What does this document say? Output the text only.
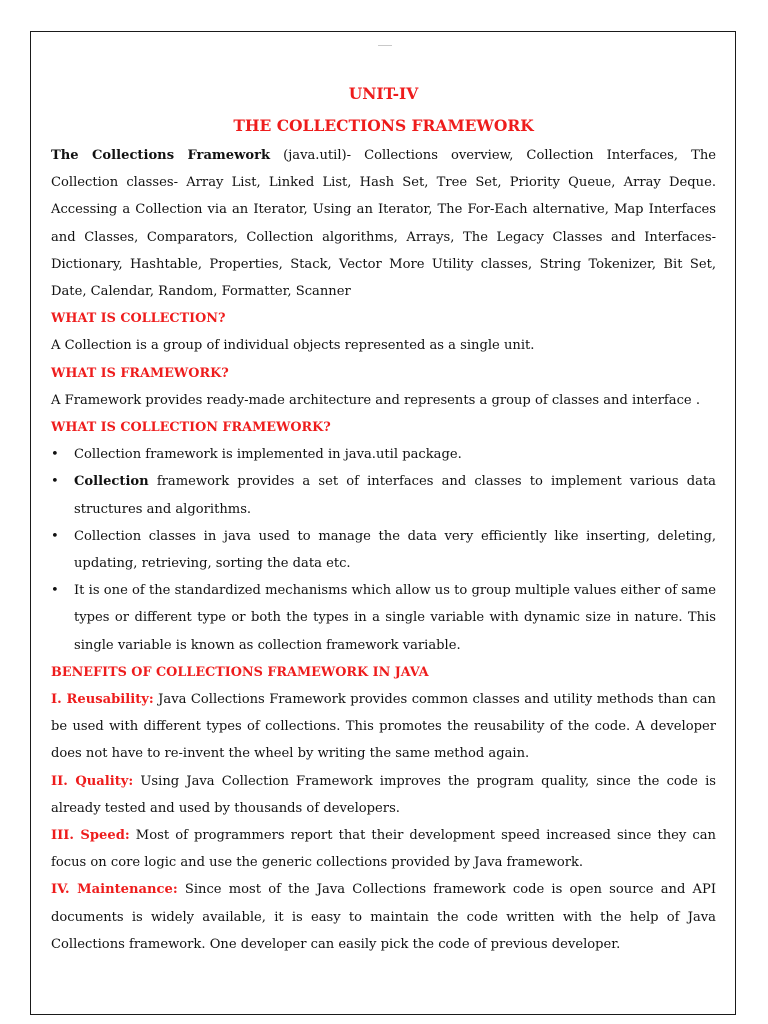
UNIT-IV
THE COLLECTIONS FRAMEWORK

The Collections Framework (java.util)- Collections overview, Collection Interfaces, The Collection classes- Array List, Linked List, Hash Set, Tree Set, Priority Queue, Array Deque. Accessing a Collection via an Iterator, Using an Iterator, The For-Each alternative, Map Interfaces and Classes, Comparators, Collection algorithms, Arrays, The Legacy Classes and Interfaces- Dictionary, Hashtable, Properties, Stack, Vector More Utility classes, String Tokenizer, Bit Set, Date, Calendar, Random, Formatter, Scanner

WHAT IS COLLECTION?

A Collection is a group of individual objects represented as a single unit.

WHAT IS FRAMEWORK?

A Framework provides ready-made architecture and represents a group of classes and interface .

WHAT IS COLLECTION FRAMEWORK?

• Collection framework is implemented in java.util package.
• Collection framework provides a set of interfaces and classes to implement various data structures and algorithms.
• Collection classes in java used to manage the data very efficiently like inserting, deleting, updating, retrieving, sorting the data etc.
• It is one of the standardized mechanisms which allow us to group multiple values either of same types or different type or both the types in a single variable with dynamic size in nature. This single variable is known as collection framework variable.

BENEFITS OF COLLECTIONS FRAMEWORK IN JAVA

I. Reusability: Java Collections Framework provides common classes and utility methods than can be used with different types of collections. This promotes the reusability of the code. A developer does not have to re-invent the wheel by writing the same method again.

II. Quality: Using Java Collection Framework improves the program quality, since the code is already tested and used by thousands of developers.

III. Speed: Most of programmers report that their development speed increased since they can focus on core logic and use the generic collections provided by Java framework.

IV. Maintenance: Since most of the Java Collections framework code is open source and API documents is widely available, it is easy to maintain the code written with the help of Java Collections framework. One developer can easily pick the code of previous developer.
